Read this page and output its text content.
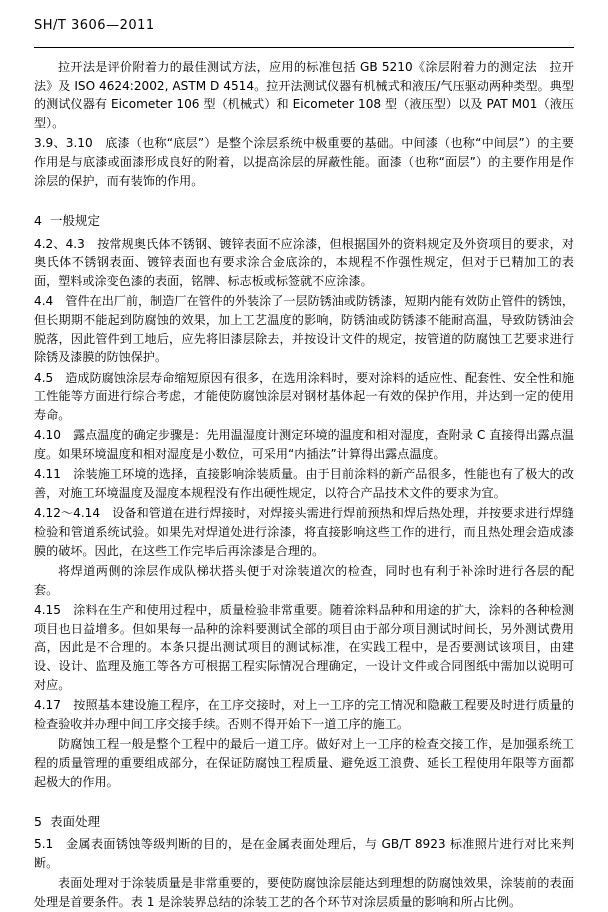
SH/T 3606—2011

拉开法是评价附着力的最佳测试方法，应用的标准包括 GB 5210《涂层附着力的测定法　拉开法》及 ISO 4624:2002, ASTM D 4514。拉开法测试仪器有机械式和液压/气压驱动两种类型。典型的测试仪器有 Eicometer 106 型（机械式）和 Eicometer 108 型（液压型）以及 PAT M01（液压型）。

3.9、3.10　底漆（也称“底层”）是整个涂层系统中极重要的基础。中间漆（也称“中间层”）的主要作用是与底漆或面漆形成良好的附着，以提高涂层的屏蔽性能。面漆（也称“面层”）的主要作用是作涂层的保护，而有装饰的作用。

4 一般规定

4.2、4.3　按常规奥氏体不锈钢、镀锌表面不应涂漆，但根据国外的资料规定及外资项目的要求，对奥氏体不锈钢表面、镀锌表面也有要求涂合金底涂的，本规程不作强性规定，但对于已精加工的表面，塑料或涂变色漆的表面，铭牌、标志板或标签就不应涂漆。

4.4　管件在出厂前，制造厂在管件的外装涂了一层防锈油或防锈漆，短期内能有效防止管件的锈蚀，但长期期不能起到防腐蚀的效果，加上工艺温度的影响，防锈油或防锈漆不能耐高温，导致防锈油会脱落，因此管件到工地后，应先将旧漆层除去，并按设计文件的规定，按管道的防腐蚀工艺要求进行除锈及漆膜的防蚀保护。

4.5　造成防腐蚀涂层寿命缩短原因有很多，在选用涂料时，要对涂料的适应性、配套性、安全性和施工性能等方面进行综合考虑，才能使防腐蚀涂层对钢材基体起一有效的保护作用，并达到一定的使用寿命。

4.10　露点温度的确定步骤是：先用温湿度计测定环境的温度和相对湿度，查附录 C 直接得出露点温度。如果环境温度和相对湿度是小数位，可采用“内插法”计算得出露点温度。

4.11　涂装施工环境的选择，直接影响涂装质量。由于目前涂料的新产品很多，性能也有了极大的改善，对施工环境温度及湿度本规程没有作出硬性规定，以符合产品技术文件的要求为宜。

4.12～4.14　设备和管道在进行焊接时，对焊接头需进行焊前预热和焊后热处理，并按要求进行焊缝检验和管道系统试验。如果先对焊道处进行涂漆，将直接影响这些工作的进行，而且热处理会造成漆膜的破坏。因此，在这些工作完毕后再涂漆是合理的。

将焊道两侧的涂层作成队梯状搭头便于对涂装道次的检查，同时也有利于补涂时进行各层的配套。

4.15　涂料在生产和使用过程中，质量检验非常重要。随着涂料品种和用途的扩大，涂料的各种检测项目也日益增多。但如果每一品种的涂料要测试全部的项目由于部分项目测试时间长，另外测试费用高，因此是不合理的。本条只提出测试项目的测试标准，在实践工程中，是否要测试该项目，由建设、设计、监理及施工等各方可根据工程实际情况合理确定，一设计文件或合同图纸中需加以说明可对应。

4.17　按照基本建设施工程序，在工序交接时，对上一工序的完工情况和隐蔽工程要及时进行质量的检查验收并办理中间工序交接手续。否则不得开始下一道工序的施工。

防腐蚀工程一般是整个工程中的最后一道工序。做好对上一工序的检查交接工作，是加强系统工程的质量管理的重要组成部分，在保证防腐蚀工程质量、避免返工浪费、延长工程使用年限等方面都起极大的作用。

5 表面处理

5.1　金属表面锈蚀等级判断的目的，是在金属表面处理后，与 GB/T 8923 标准照片进行对比来判断。

表面处理对于涂装质量是非常重要的，要使防腐蚀涂层能达到理想的防腐蚀效果，涂装前的表面处理是首要条件。表 1 是涂装界总结的涂装工艺的各个环节对涂层质量的影响和所占比例。
